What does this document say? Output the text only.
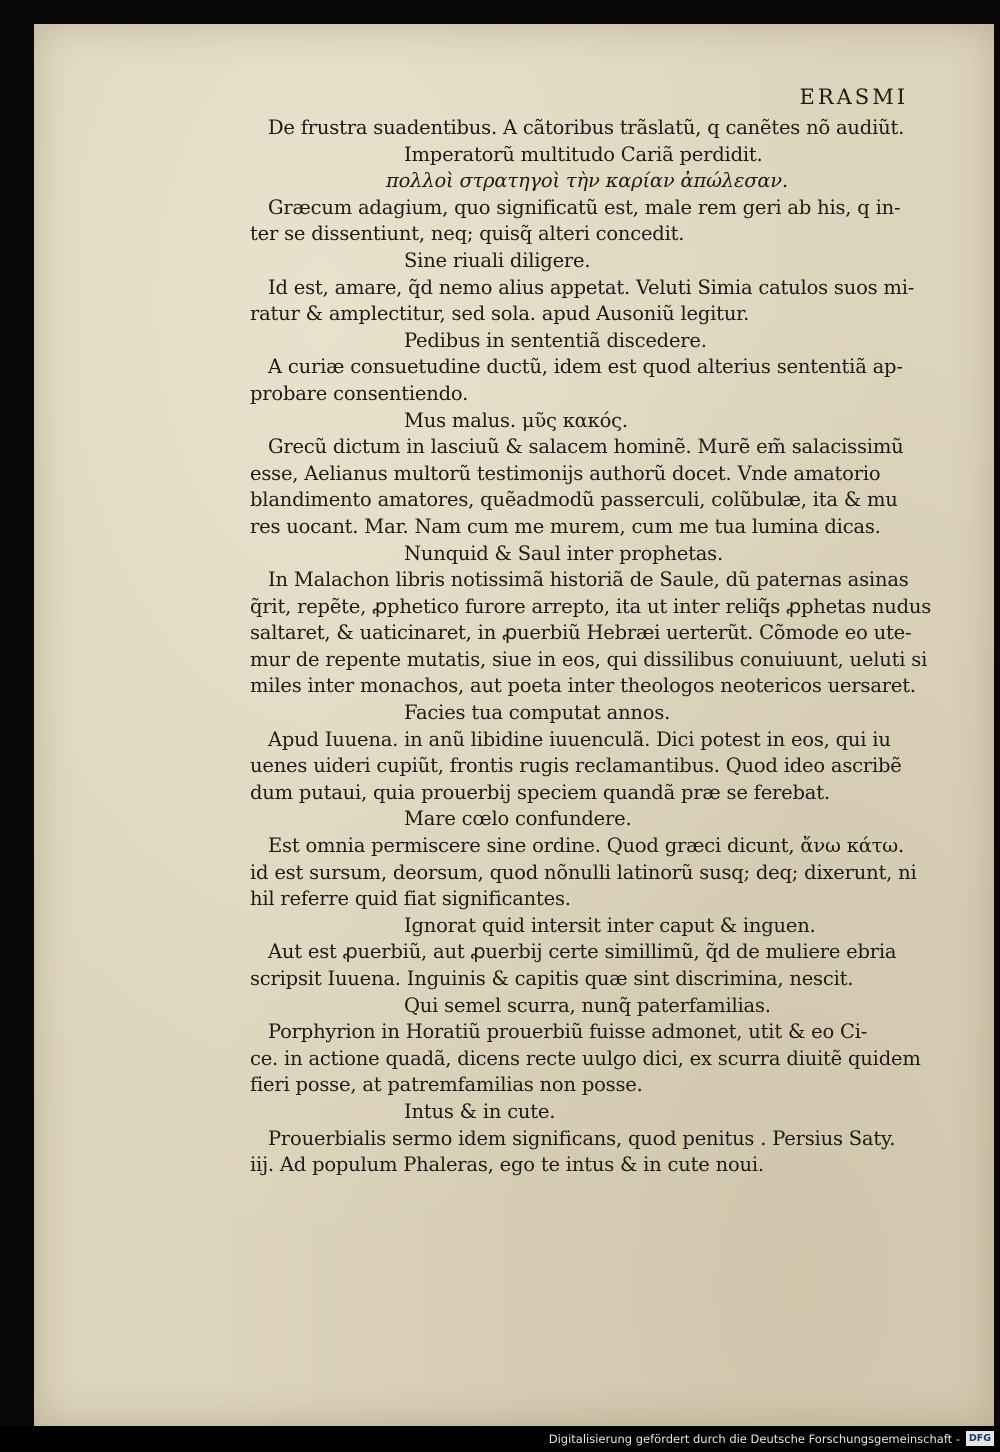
ERASMI
De frustra suadentibus. A cãtoribus trãslatũ, q canẽtes nõ audiũt.
Imperatorũ multitudo Cariã perdidit.
πολλοὶ στρατηγοὶ τὴν καρίαν ἀπώλεσαν.
Græcum adagium, quo significatũ est, male rem geri ab his, q in‑
ter se dissentiunt, neq; quisq̃ alteri concedit.
Sine riuali diligere.
Id est, amare, q̃d nemo alius appetat. Veluti Simia catulos suos mi‑
ratur & amplectitur, sed sola. apud Ausoniũ legitur.
Pedibus in sententiã discedere.
A curiæ consuetudine ductũ, idem est quod alterius sententiã ap‑
probare consentiendo.
Mus malus. μῦς κακός.
Grecũ dictum in lasciuũ & salacem hominẽ. Murẽ em̃ salacissimũ
esse, Aelianus multorũ testimonijs authorũ docet. Vnde amatorio
blandimento amatores, quẽadmodũ passerculi, colũbulæ, ita & mu
res uocant. Mar. Nam cum me murem, cum me tua lumina dicas.
Nunquid & Saul inter prophetas.
In Malachon libris notissimã historiã de Saule, dũ paternas asinas
q̃rit, repẽte, ꝓphetico furore arrepto, ita ut inter reliq̃s ꝓphetas nudus
saltaret, & uaticinaret, in ꝓuerbiũ Hebræi uerterũt. Cõmode eo ute‑
mur de repente mutatis, siue in eos, qui dissilibus conuiuunt, ueluti si
miles inter monachos, aut poeta inter theologos neotericos uersaret.
Facies tua computat annos.
Apud Iuuena. in anũ libidine iuuenculã. Dici potest in eos, qui iu
uenes uideri cupiũt, frontis rugis reclamantibus. Quod ideo ascribẽ
dum putaui, quia prouerbij speciem quandã præ se ferebat.
Mare cœlo confundere.
Est omnia permiscere sine ordine. Quod græci dicunt, ἄνω κάτω.
id est sursum, deorsum, quod nõnulli latinorũ susq; deq; dixerunt, ni
hil referre quid fiat significantes.
Ignorat quid intersit inter caput & inguen.
Aut est ꝓuerbiũ, aut ꝓuerbij certe simillimũ, q̃d de muliere ebria
scripsit Iuuena. Inguinis & capitis quæ sint discrimina, nescit.
Qui semel scurra, nunq̃ paterfamilias.
Porphyrion in Horatiũ prouerbiũ fuisse admonet, utit & eo Ci‑
ce. in actione quadã, dicens recte uulgo dici, ex scurra diuitẽ quidem
fieri posse, at patremfamilias non posse.
Intus & in cute.
Prouerbialis sermo idem significans, quod penitus . Persius Saty.
iij. Ad populum Phaleras, ego te intus & in cute noui.
Digitalisierung gefördert durch die Deutsche Forschungsgemeinschaft - DFG
